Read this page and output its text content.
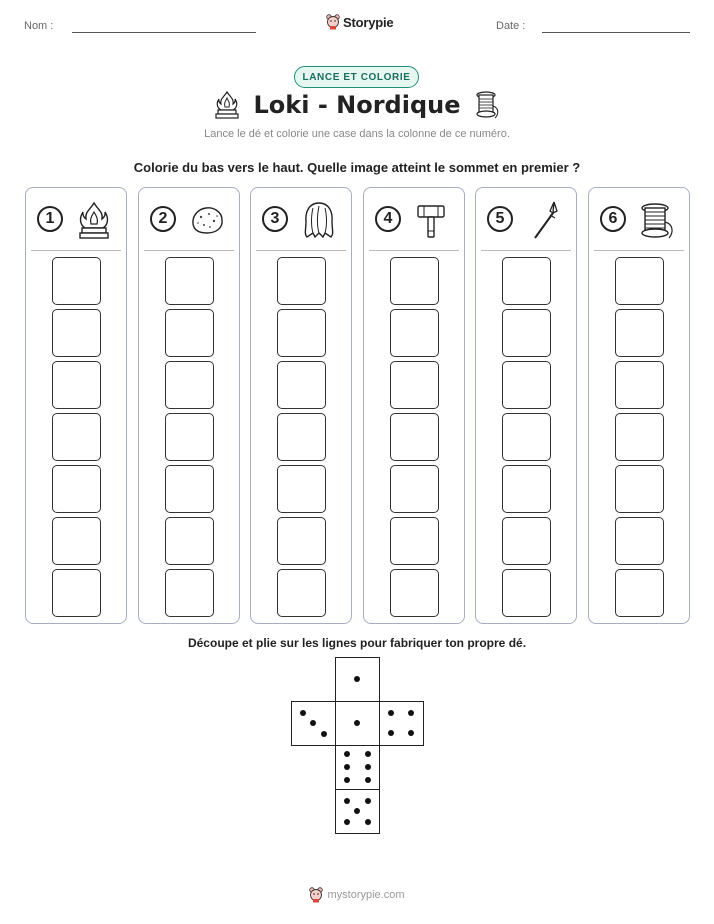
Nom :	Storypie	Date :
LANCE ET COLORIE
Loki - Nordique
Lance le dé et colorie une case dans la colonne de ce numéro.
Colorie du bas vers le haut. Quelle image atteint le sommet en premier ?
1	2	3	4	5	6
Découpe et plie sur les lignes pour fabriquer ton propre dé.
mystorypie.com
